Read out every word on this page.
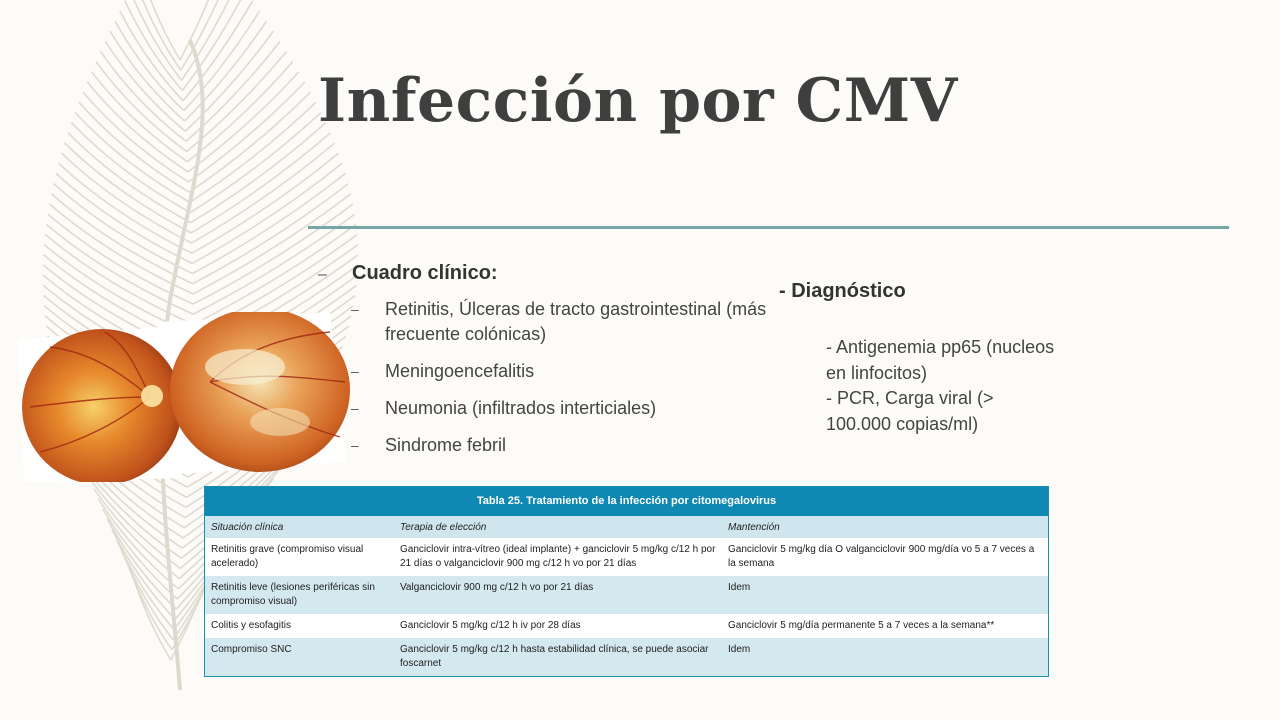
Infección por CMV
–	Cuadro clínico:
–	Retinitis, Úlceras de tracto gastrointestinal (más frecuente colónicas)
–	Meningoencefalitis
–	Neumonia (infiltrados interticiales)
–	Sindrome febril
- Diagnóstico
- Antigenemia pp65 (nucleos
en linfocitos)
- PCR, Carga viral (>
100.000 copias/ml)
Tabla 25. Tratamiento de la infección por citomegalovirus
Situación clínica	Terapia de elección	Mantención
Retinitis grave (compromiso visual acelerado)	Ganciclovir intra-vítreo (ideal implante) + ganciclovir 5 mg/kg c/12 h por 21 días o valganciclovir 900 mg c/12 h vo por 21 días	Ganciclovir 5 mg/kg día O valganciclovir 900 mg/día vo 5 a 7 veces a la semana
Retinitis leve (lesiones periféricas sin compromiso visual)	Valganciclovir 900 mg c/12 h vo por 21 días	Idem
Colitis y esofagitis	Ganciclovir 5 mg/kg c/12 h iv por 28 días	Ganciclovir 5 mg/día permanente 5 a 7 veces a la semana**
Compromiso SNC	Ganciclovir 5 mg/kg c/12 h hasta estabilidad clínica, se puede asociar foscarnet	Idem
